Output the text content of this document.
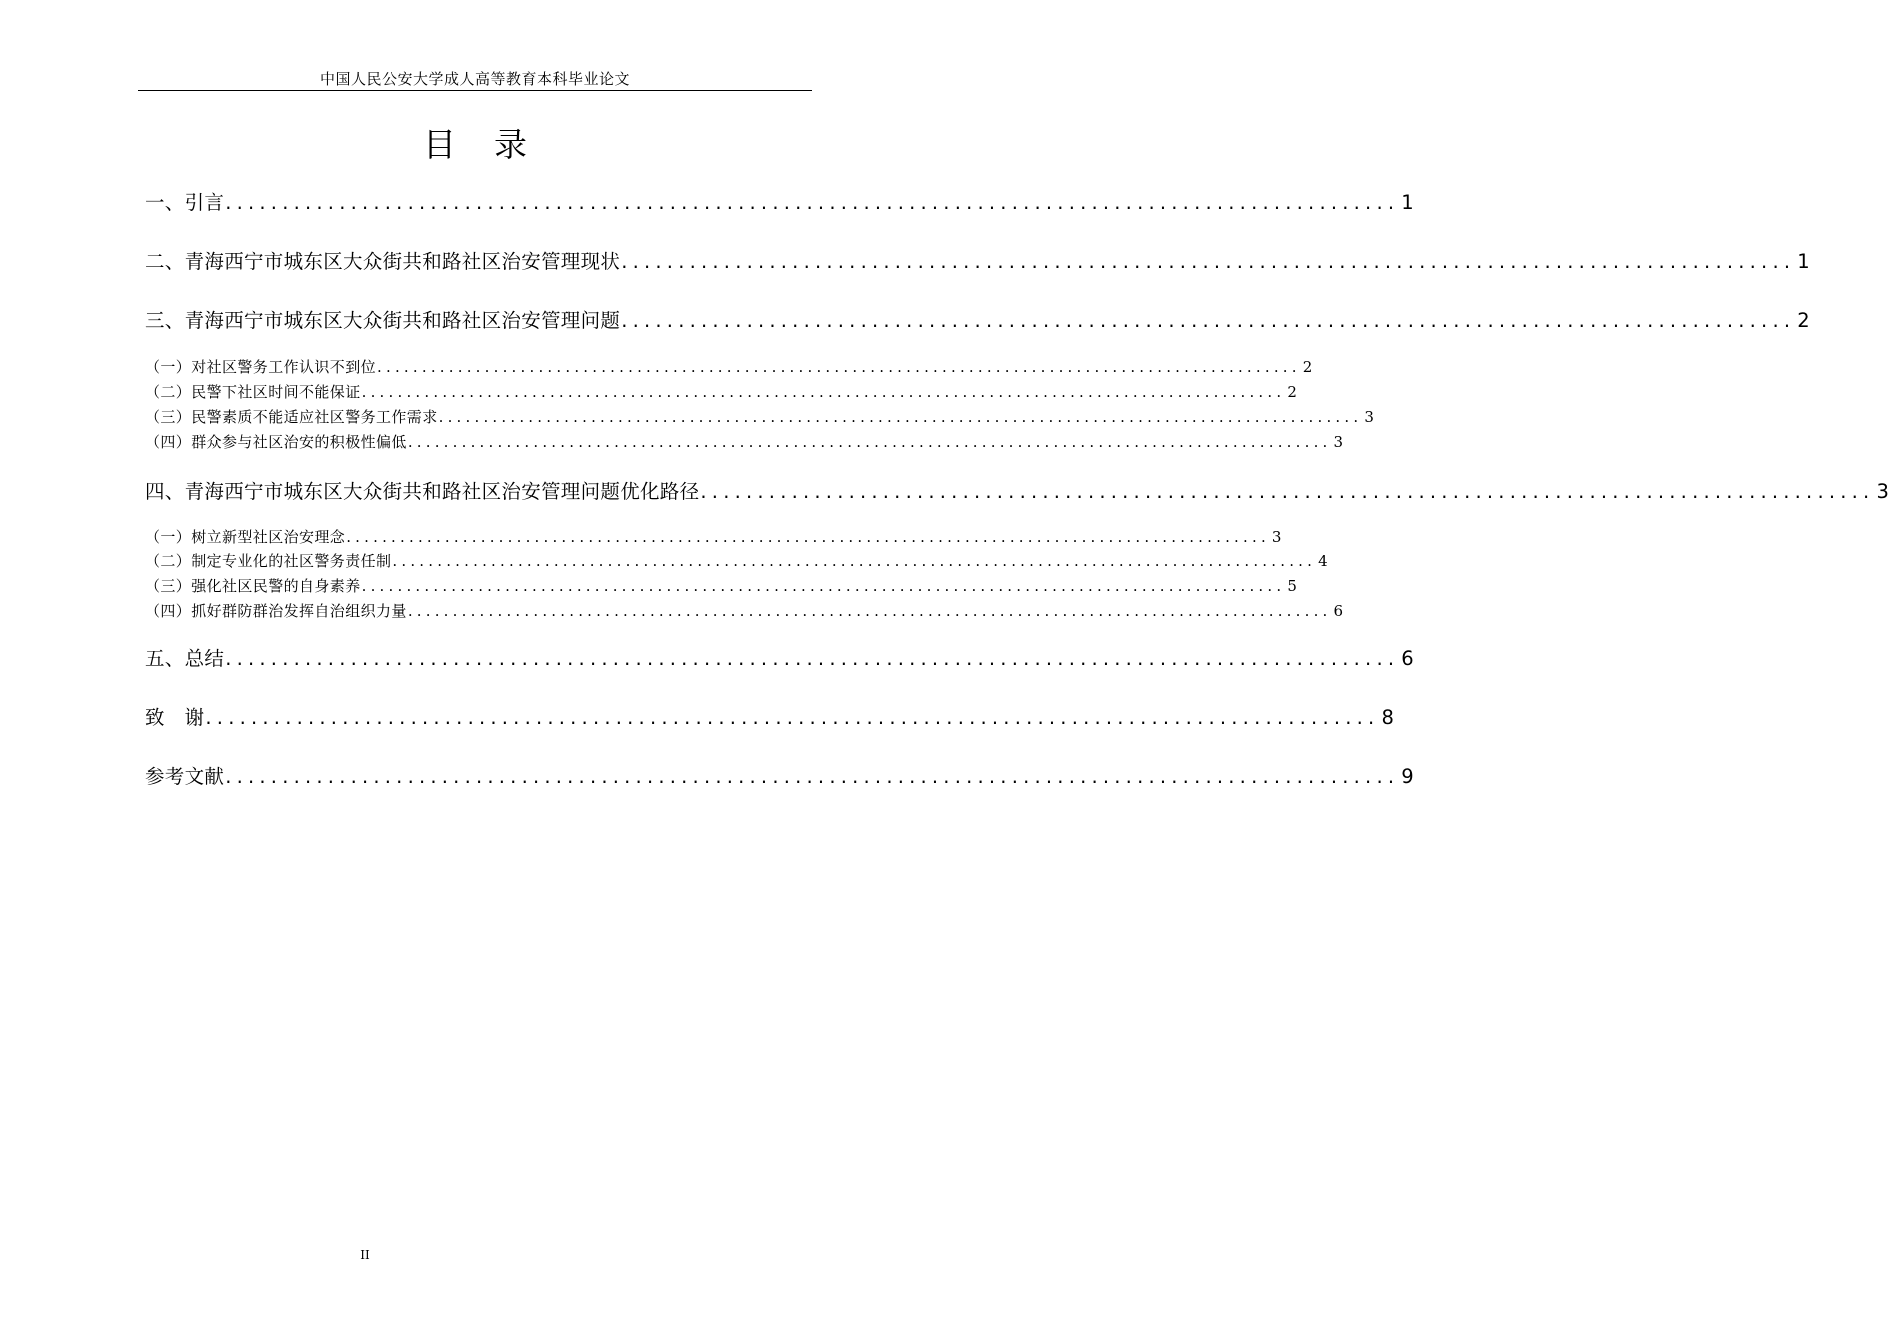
中国人民公安大学成人高等教育本科毕业论文
目录
一、引言 ....................................................................................................... 1
二、青海西宁市城东区大众街共和路社区治安管理现状 ....................................................................................................... 1
三、青海西宁市城东区大众街共和路社区治安管理问题 ....................................................................................................... 2
（一）对社区警务工作认识不到位 ....................................................................................................... 2
（二）民警下社区时间不能保证 ....................................................................................................... 2
（三）民警素质不能适应社区警务工作需求 ....................................................................................................... 3
（四）群众参与社区治安的积极性偏低 ....................................................................................................... 3
四、青海西宁市城东区大众街共和路社区治安管理问题优化路径 ....................................................................................................... 3
（一）树立新型社区治安理念 ....................................................................................................... 3
（二）制定专业化的社区警务责任制 ....................................................................................................... 4
（三）强化社区民警的自身素养 ....................................................................................................... 5
（四）抓好群防群治发挥自治组织力量 ....................................................................................................... 6
五、总结 ....................................................................................................... 6
致　谢 ....................................................................................................... 8
参考文献 ....................................................................................................... 9
II
